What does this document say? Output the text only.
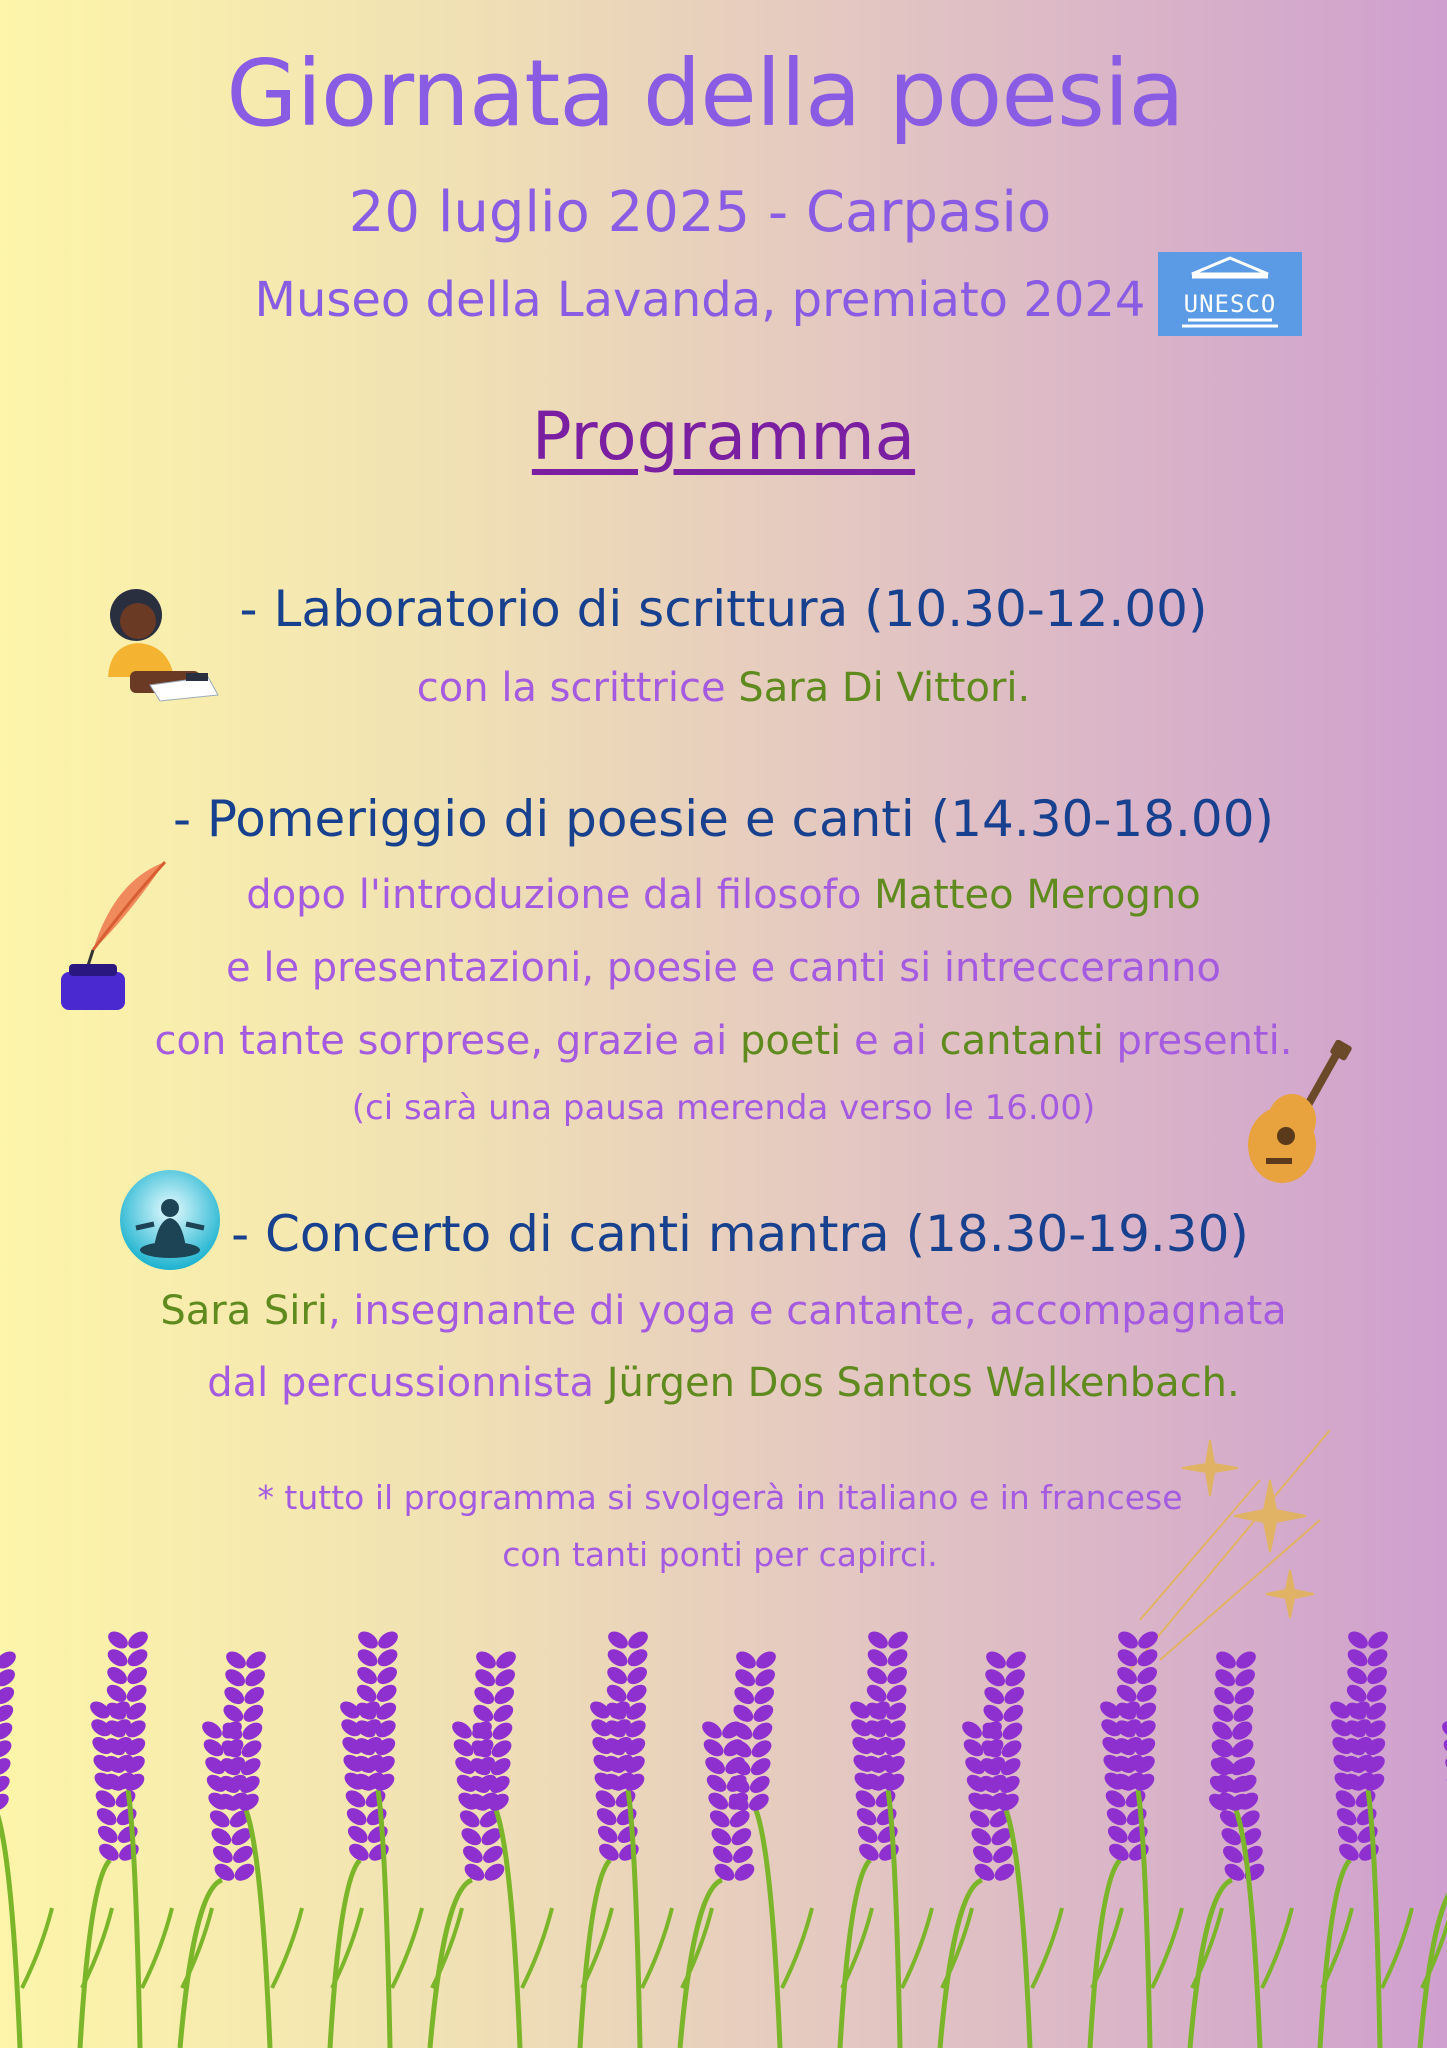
Giornata della poesia
20 luglio 2025 - Carpasio
Museo della Lavanda, premiato 2024	UNESCO
Programma
- Laboratorio di scrittura (10.30-12.00)
con la scrittrice Sara Di Vittori.
- Pomeriggio di poesie e canti (14.30-18.00)
dopo l'introduzione dal filosofo Matteo Merogno
e le presentazioni, poesie e canti si intrecceranno
con tante sorprese, grazie ai poeti e ai cantanti presenti.
(ci sarà una pausa merenda verso le 16.00)
- Concerto di canti mantra (18.30-19.30)
Sara Siri, insegnante di yoga e cantante, accompagnata
dal percussionnista Jürgen Dos Santos Walkenbach.
* tutto il programma si svolgerà in italiano e in francese
con tanti ponti per capirci.
